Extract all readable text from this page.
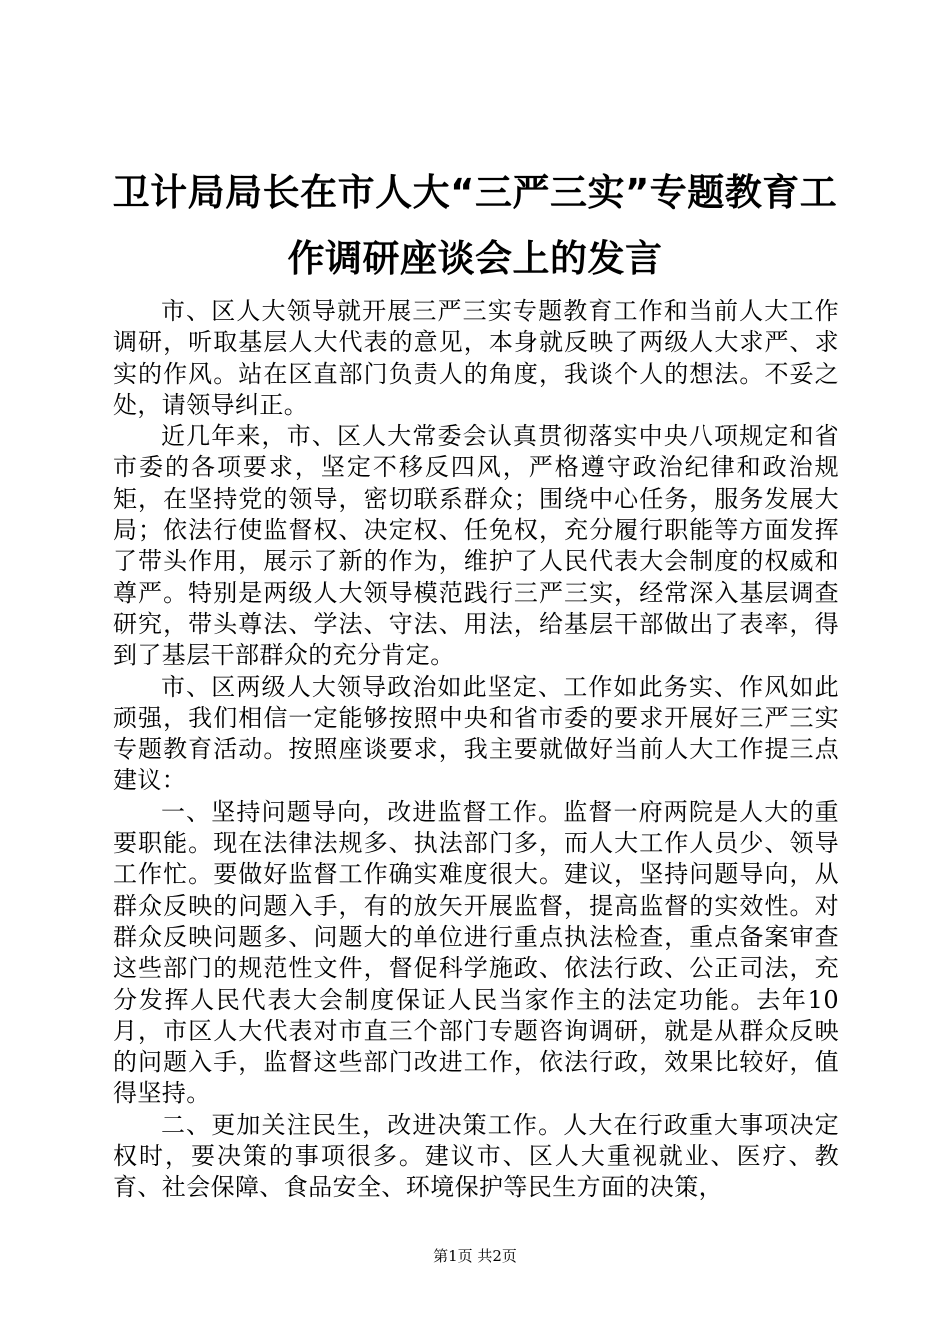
卫计局局长在市人大“三严三实”专题教育工作调研座谈会上的发言

市、区人大领导就开展三严三实专题教育工作和当前人大工作调研，听取基层人大代表的意见，本身就反映了两级人大求严、求实的作风。站在区直部门负责人的角度，我谈个人的想法。不妥之处，请领导纠正。

近几年来，市、区人大常委会认真贯彻落实中央八项规定和省市委的各项要求，坚定不移反四风，严格遵守政治纪律和政治规矩，在坚持党的领导，密切联系群众；围绕中心任务，服务发展大局；依法行使监督权、决定权、任免权，充分履行职能等方面发挥了带头作用，展示了新的作为，维护了人民代表大会制度的权威和尊严。特别是两级人大领导模范践行三严三实，经常深入基层调查研究，带头尊法、学法、守法、用法，给基层干部做出了表率，得到了基层干部群众的充分肯定。

市、区两级人大领导政治如此坚定、工作如此务实、作风如此顽强，我们相信一定能够按照中央和省市委的要求开展好三严三实专题教育活动。按照座谈要求，我主要就做好当前人大工作提三点建议：

一、坚持问题导向，改进监督工作。监督一府两院是人大的重要职能。现在法律法规多、执法部门多，而人大工作人员少、领导工作忙。要做好监督工作确实难度很大。建议，坚持问题导向，从群众反映的问题入手，有的放矢开展监督，提高监督的实效性。对群众反映问题多、问题大的单位进行重点执法检查，重点备案审查这些部门的规范性文件，督促科学施政、依法行政、公正司法，充分发挥人民代表大会制度保证人民当家作主的法定功能。去年10月，市区人大代表对市直三个部门专题咨询调研，就是从群众反映的问题入手，监督这些部门改进工作，依法行政，效果比较好，值得坚持。

二、更加关注民生，改进决策工作。人大在行政重大事项决定权时，要决策的事项很多。建议市、区人大重视就业、医疗、教育、社会保障、食品安全、环境保护等民生方面的决策，

第1页 共2页
